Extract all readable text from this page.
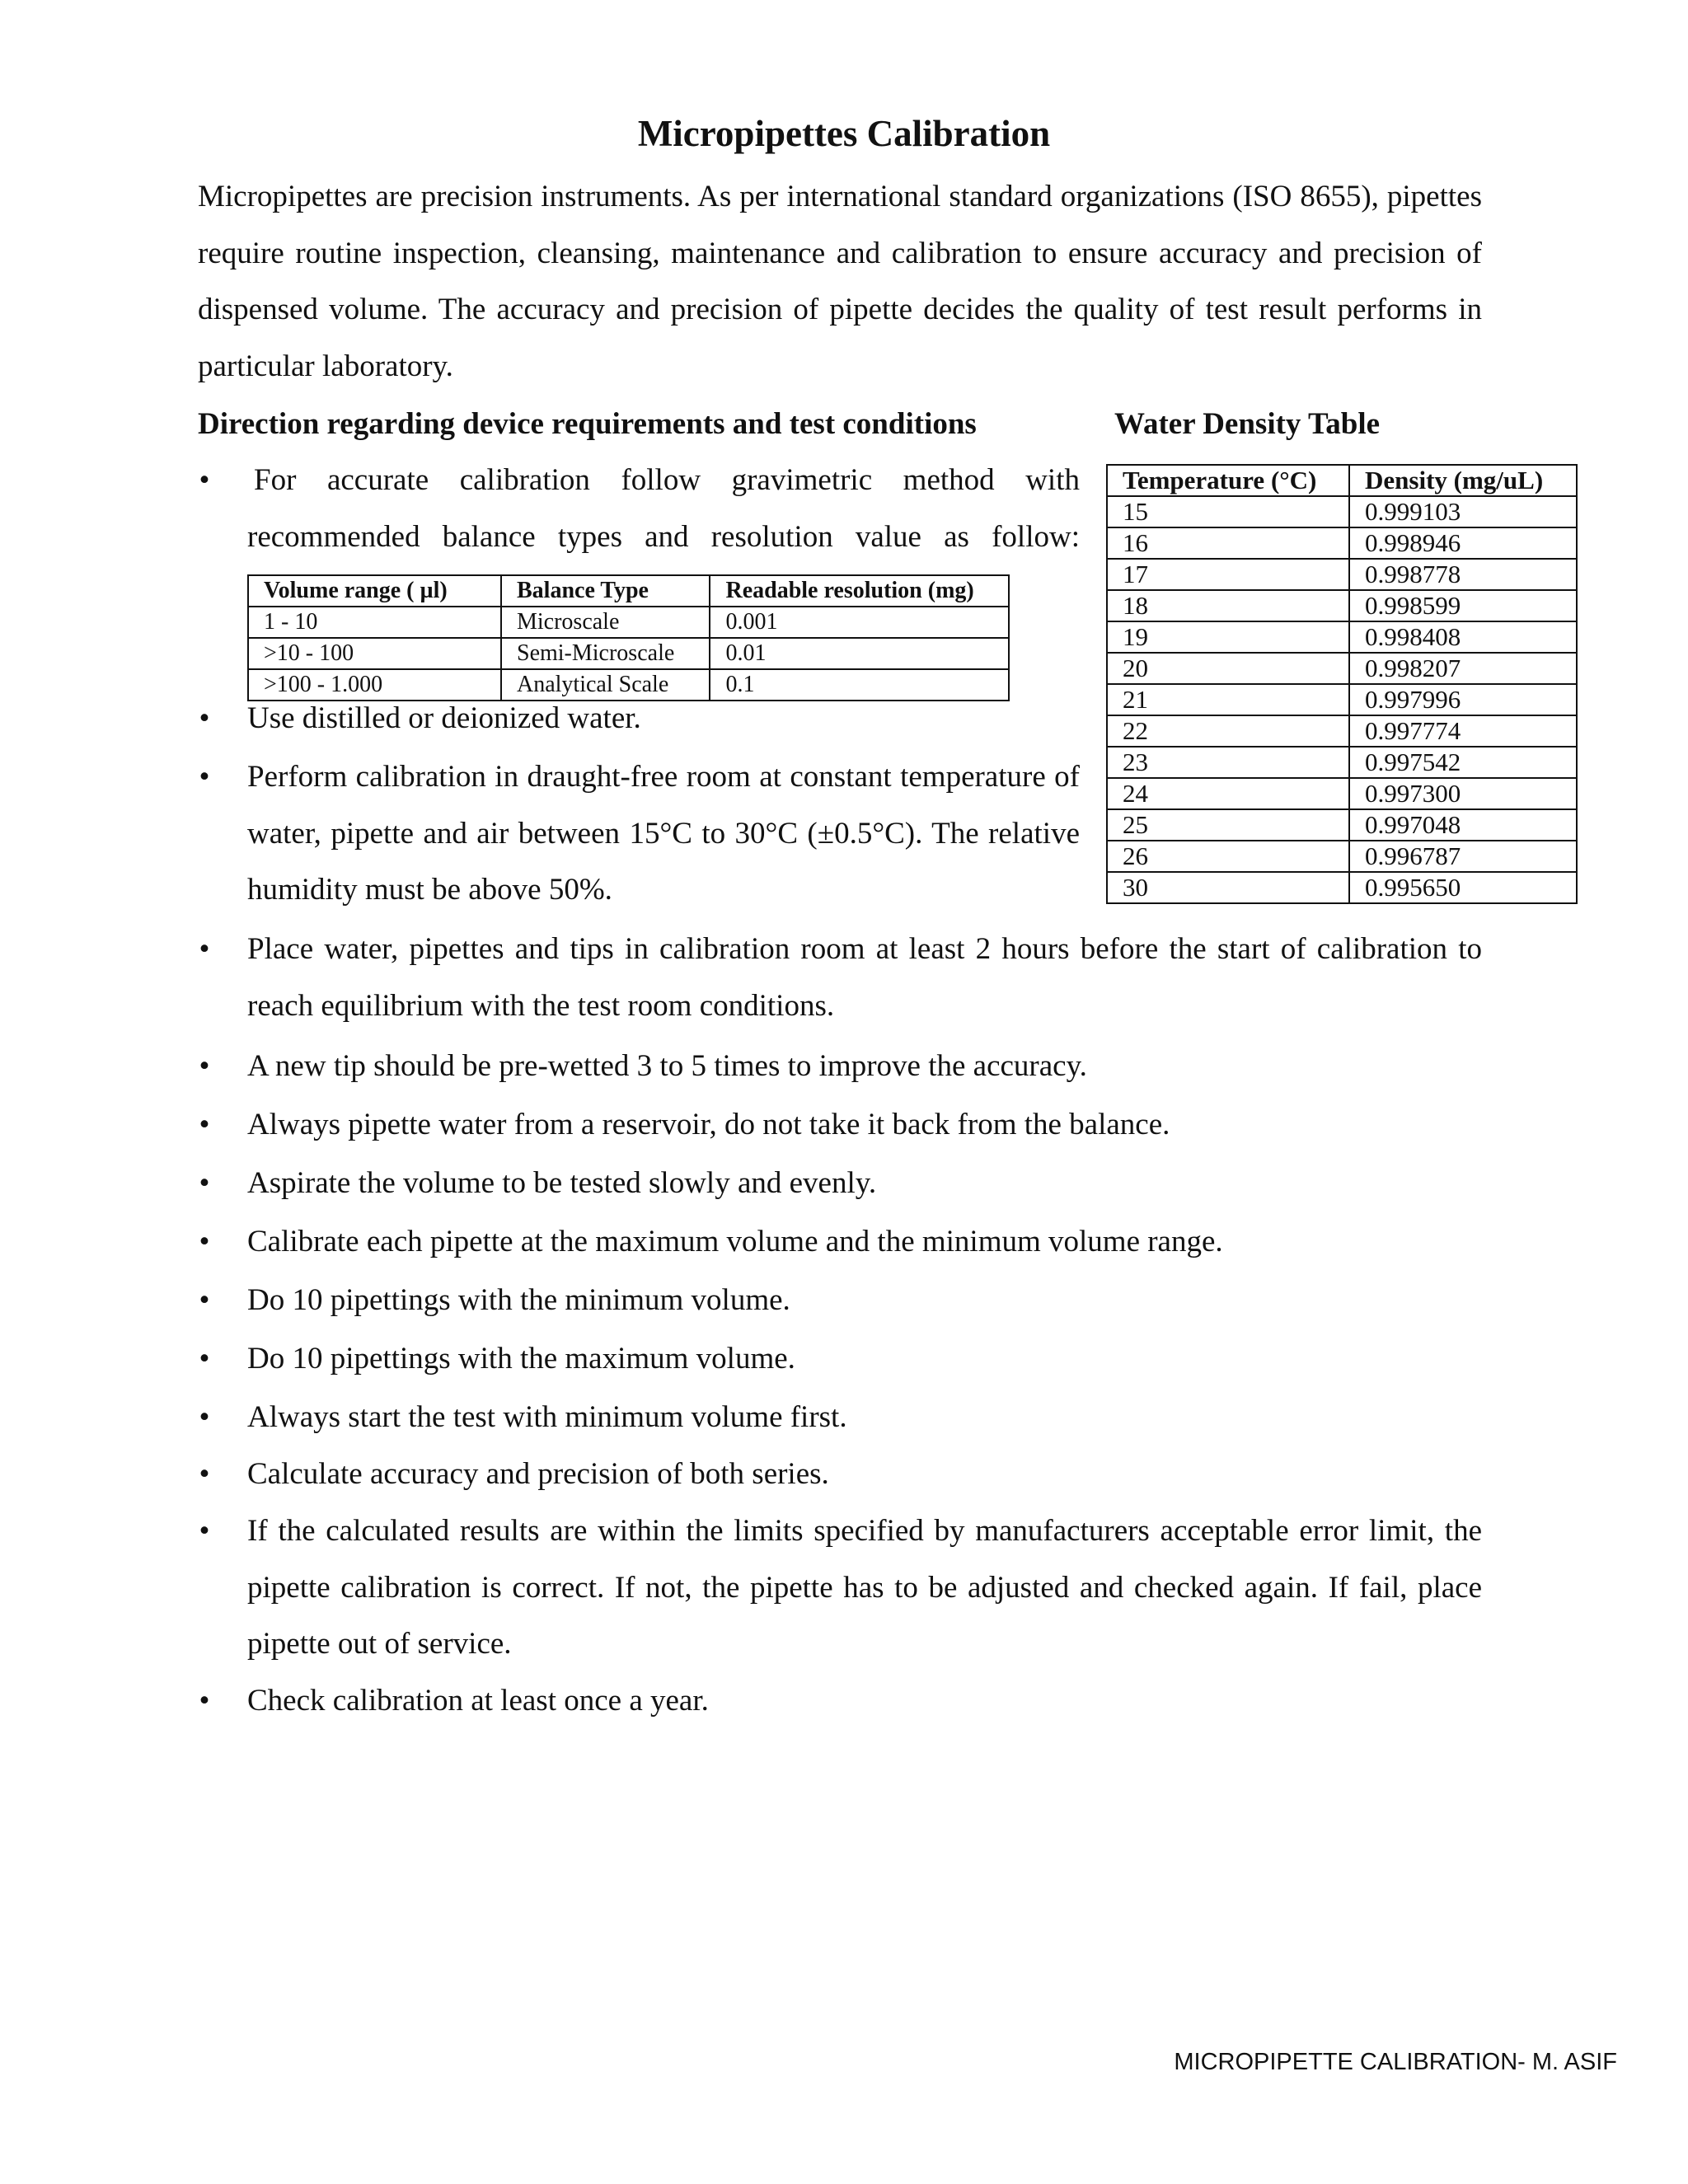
Micropipettes Calibration

Micropipettes are precision instruments. As per international standard organizations (ISO 8655), pipettes require routine inspection, cleansing, maintenance and calibration to ensure accuracy and precision of dispensed volume. The accuracy and precision of pipette decides the quality of test result performs in particular laboratory.

Direction regarding device requirements and test conditions	Water Density Table
• For accurate calibration follow gravimetric method with recommended balance types and resolution value as follow:

Volume range ( µl)	Balance Type	Readable resolution (mg)
1 - 10	Microscale	0.001
>10 - 100	Semi-Microscale	0.01
>100 - 1.000	Analytical Scale	0.1
• Use distilled or deionized water.

• Perform calibration in draught-free room at constant temperature of water, pipette and air between 15°C to 30°C (±0.5°C). The relative humidity must be above 50%.

Temperature (°C)	Density (mg/uL)
15	0.999103
16	0.998946
17	0.998778
18	0.998599
19	0.998408
20	0.998207
21	0.997996
22	0.997774
23	0.997542
24	0.997300
25	0.997048
26	0.996787
30	0.995650
• Place water, pipettes and tips in calibration room at least 2 hours before the start of calibration to reach equilibrium with the test room conditions.

• A new tip should be pre-wetted 3 to 5 times to improve the accuracy.

• Always pipette water from a reservoir, do not take it back from the balance.

• Aspirate the volume to be tested slowly and evenly.

• Calibrate each pipette at the maximum volume and the minimum volume range.

• Do 10 pipettings with the minimum volume.

• Do 10 pipettings with the maximum volume.

• Always start the test with minimum volume first.

• Calculate accuracy and precision of both series.

• If the calculated results are within the limits specified by manufacturers acceptable error limit, the pipette calibration is correct. If not, the pipette has to be adjusted and checked again. If fail, place pipette out of service.

• Check calibration at least once a year.

MICROPIPETTE CALIBRATION- M. ASIF
